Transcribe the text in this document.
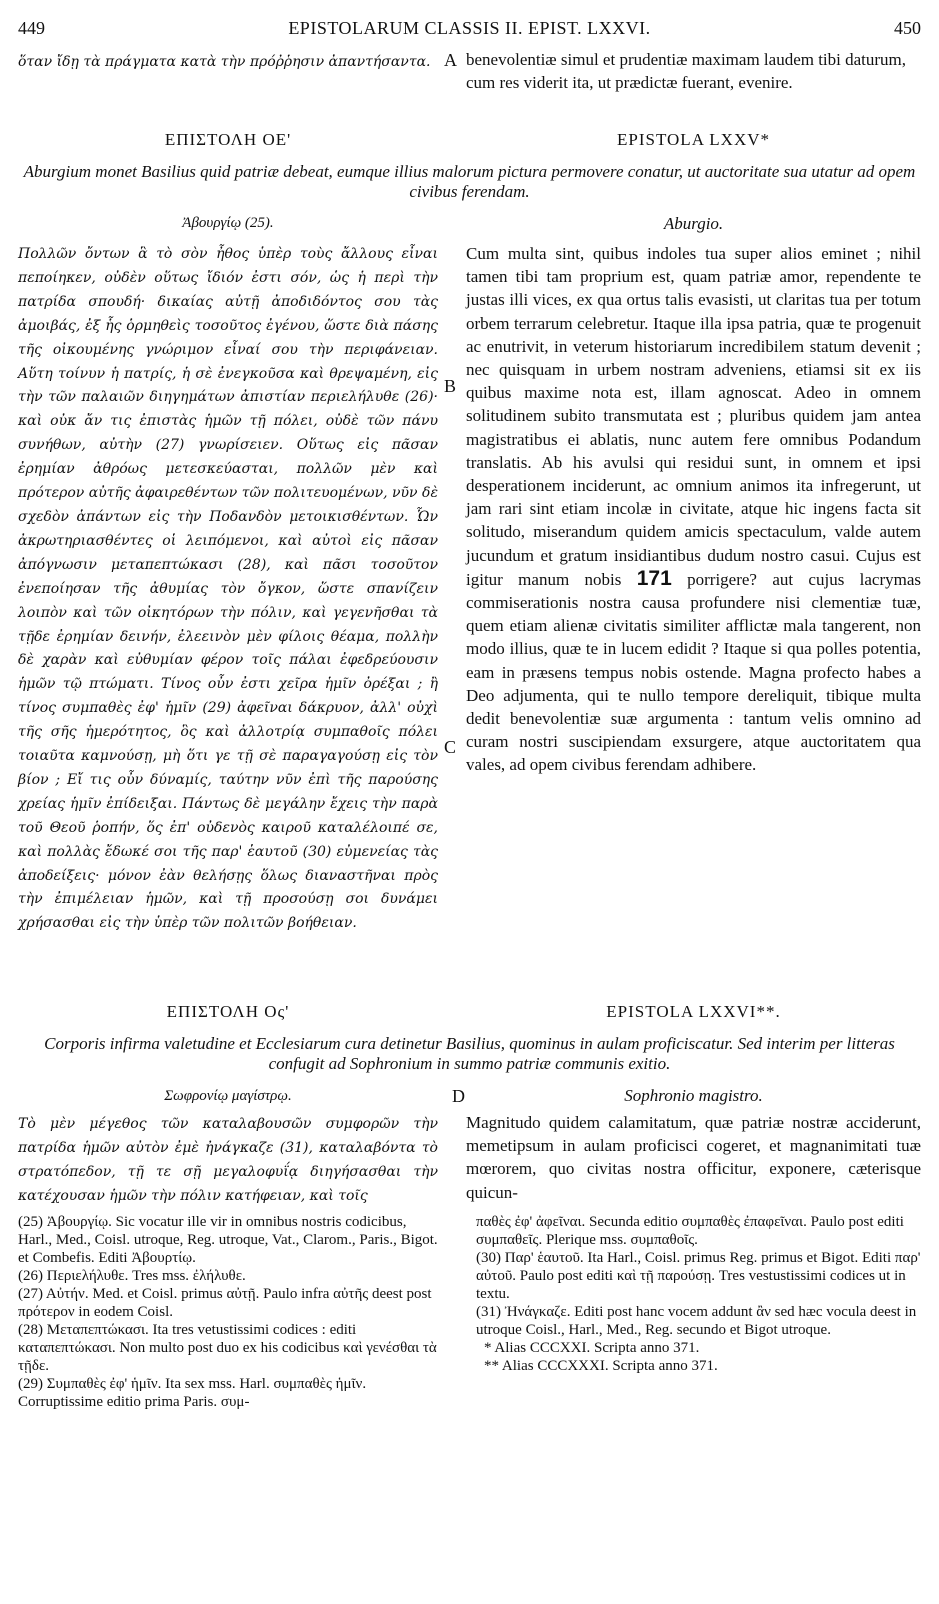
449	EPISTOLARUM CLASSIS II. EPIST. LXXVI.	450
ὅταν ἴδῃ τὰ πράγματα κατὰ τὴν πρόῤῥησιν ἀπαντήσαντα. A benevolentiæ simul et prudentiæ maximam laudem tibi daturum, cum res viderit ita, ut prædictæ fuerant, evenire.
ΕΠΙΣΤΟΛΗ ΟΕ'	EPISTOLA LXXV*
Aburgium monet Basilius quid patriæ debeat, eumque illius malorum pictura permovere conatur, ut auctoritate sua utatur ad opem civibus ferendam.
Ἀβουργίῳ (25).	Aburgio.
Πολλῶν ὄντων ἃ τὸ σὸν ἦθος ὑπὲρ τοὺς ἄλλους εἶναι πεποίηκεν, οὐδὲν οὕτως ἴδιόν ἐστι σόν, ὡς ἡ περὶ τὴν πατρίδα σπουδή· δικαίας αὐτῇ ἀποδιδόντος σου τὰς ἀμοιβάς, ἐξ ἧς ὁρμηθεὶς τοσοῦτος ἐγένου, ὥστε διὰ πάσης τῆς οἰκουμένης γνώριμον εἶναί σου τὴν περιφάνειαν. Αὕτη τοίνυν ἡ πατρίς, ἡ σὲ ἐνεγκοῦσα καὶ θρεψαμένη, εἰς τὴν τῶν παλαιῶν διηγημάτων ἀπιστίαν περιελήλυθε (26)· καὶ οὐκ ἄν τις ἐπιστὰς ἡμῶν τῇ πόλει, οὐδὲ τῶν πάνυ συνήθων, αὐτὴν (27) γνωρίσειεν. Οὕτως εἰς πᾶσαν ἐρημίαν ἀθρόως μετεσκεύασται, πολλῶν μὲν καὶ πρότερον αὐτῆς ἀφαιρεθέντων τῶν πολιτευομένων, νῦν δὲ σχεδὸν ἁπάντων εἰς τὴν Ποδανδὸν μετοικισθέντων. Ὧν ἀκρωτηριασθέντες οἱ λειπόμενοι, καὶ αὐτοὶ εἰς πᾶσαν ἀπόγνωσιν μεταπεπτώκασι (28), καὶ πᾶσι τοσοῦτον ἐνεποίησαν τῆς ἀθυμίας τὸν ὄγκον, ὥστε σπανίζειν λοιπὸν καὶ τῶν οἰκητόρων τὴν πόλιν, καὶ γεγενῆσθαι τὰ τῇδε ἐρημίαν δεινήν, ἐλεεινὸν μὲν φίλοις θέαμα, πολλὴν δὲ χαρὰν καὶ εὐθυμίαν φέρον τοῖς πάλαι ἐφεδρεύουσιν ἡμῶν τῷ πτώματι. Τίνος οὖν ἐστι χεῖρα ἡμῖν ὀρέξαι ; ἢ τίνος συμπαθὲς ἐφ' ἡμῖν (29) ἀφεῖναι δάκρυον, ἀλλ' οὐχὶ τῆς σῆς ἡμερότητος, ὃς καὶ ἀλλοτρίᾳ συμπαθοῖς πόλει τοιαῦτα καμνούσῃ, μὴ ὅτι γε τῇ σὲ παραγαγούσῃ εἰς τὸν βίον ; Εἴ τις οὖν δύναμίς, ταύτην νῦν ἐπὶ τῆς παρούσης χρείας ἡμῖν ἐπίδειξαι. Πάντως δὲ μεγάλην ἔχεις τὴν παρὰ τοῦ Θεοῦ ῥοπήν, ὅς ἐπ' οὐδενὸς καιροῦ καταλέλοιπέ σε, καὶ πολλὰς ἔδωκέ σοι τῆς παρ' ἑαυτοῦ (30) εὐμενείας τὰς ἀποδείξεις· μόνον ἐὰν θελήσῃς ὅλως διαναστῆναι πρὸς τὴν ἐπιμέλειαν ἡμῶν, καὶ τῇ προσούσῃ σοι δυνάμει χρήσασθαι εἰς τὴν ὑπὲρ τῶν πολιτῶν βοήθειαν.
Cum multa sint, quibus indoles tua super alios eminet ; nihil tamen tibi tam proprium est, quam patriæ amor, rependente te justas illi vices, ex qua ortus talis evasisti, ut claritas tua per totum orbem terrarum celebretur. Itaque illa ipsa patria, quæ te progenuit ac enutrivit, in veterum historiarum incredibilem statum devenit ; nec quisquam in urbem nostram adveniens, etiamsi sit ex iis quibus maxime nota est, illam agnoscat. Adeo in omnem solitudinem subito transmutata est ; pluribus quidem jam antea magistratibus ei ablatis, nunc autem fere omnibus Podandum translatis. Ab his avulsi qui residui sunt, in omnem et ipsi desperationem inciderunt, ac omnium animos ita infregerunt, ut jam rari sint etiam incolæ in civitate, atque hic ingens facta sit solitudo, miserandum quidem amicis spectaculum, valde autem jucundum et gratum insidiantibus dudum nostro casui. Cujus est igitur manum nobis 171 porrigere? aut cujus lacrymas commiserationis nostra causa profundere nisi clementiæ tuæ, quem etiam alienæ civitatis similiter afflictæ mala tangerent, non modo illius, quæ te in lucem edidit ? Itaque si qua polles potentia, eam in præsens tempus nobis ostende. Magna profecto habes a Deo adjumenta, qui te nullo tempore dereliquit, tibique multa dedit benevolentiæ suæ argumenta : tantum velis omnino ad curam nostri suscipiendam exsurgere, atque auctoritatem qua vales, ad opem civibus ferendam adhibere.
B
C
ΕΠΙΣΤΟΛΗ Ος'	EPISTOLA LXXVI**.
Corporis infirma valetudine et Ecclesiarum cura detinetur Basilius, quominus in aulam proficiscatur. Sed interim per litteras confugit ad Sophronium in summo patriæ communis exitio.
Σωφρονίῳ μαγίστρῳ.	D	Sophronio magistro.
Τὸ μὲν μέγεθος τῶν καταλαβουσῶν συμφορῶν τὴν πατρίδα ἡμῶν αὐτὸν ἐμὲ ἠνάγκαζε (31), καταλαβόντα τὸ στρατόπεδον, τῇ τε σῇ μεγαλοφυΐᾳ διηγήσασθαι τὴν κατέχουσαν ἡμῶν τὴν πόλιν κατήφειαν, καὶ τοῖς
Magnitudo quidem calamitatum, quæ patriæ nostræ acciderunt, memetipsum in aulam proficisci cogeret, et magnanimitati tuæ mœrorem, quo civitas nostra officitur, exponere, cæterisque quicun-

(25) Ἀβουργίῳ. Sic vocatur ille vir in omnibus nostris codicibus, Harl., Med., Coisl. utroque, Reg. utroque, Vat., Clarom., Paris., Bigot. et Combefis. Editi Ἀβουρτίῳ.

(26) Περιελήλυθε. Tres mss. ἐλήλυθε.

(27) Αὐτήν. Med. et Coisl. primus αὐτῇ. Paulo infra αὐτῆς deest post πρότερον in eodem Coisl.

(28) Μεταπεπτώκασι. Ita tres vetustissimi codices : editi καταπεπτώκασι. Non multo post duo ex his codicibus καὶ γενέσθαι τὰ τῇδε.

(29) Συμπαθὲς ἐφ' ἡμῖν. Ita sex mss. Harl. συμπαθὲς ἡμῖν. Corruptissime editio prima Paris. συμ-

παθὲς ἐφ' ἀφεῖναι. Secunda editio συμπαθὲς ἐπαφεῖναι. Paulo post editi συμπαθεῖς. Plerique mss. συμπαθοῖς.

(30) Παρ' ἑαυτοῦ. Ita Harl., Coisl. primus Reg. primus et Bigot. Editi παρ' αὐτοῦ. Paulo post editi καὶ τῇ παρούσῃ. Tres vestustissimi codices ut in textu.

(31) Ἠνάγκαζε. Editi post hanc vocem addunt ἂν sed hæc vocula deest in utroque Coisl., Harl., Med., Reg. secundo et Bigot utroque.

* Alias CCCXXI. Scripta anno 371.

** Alias CCCXXXI. Scripta anno 371.
